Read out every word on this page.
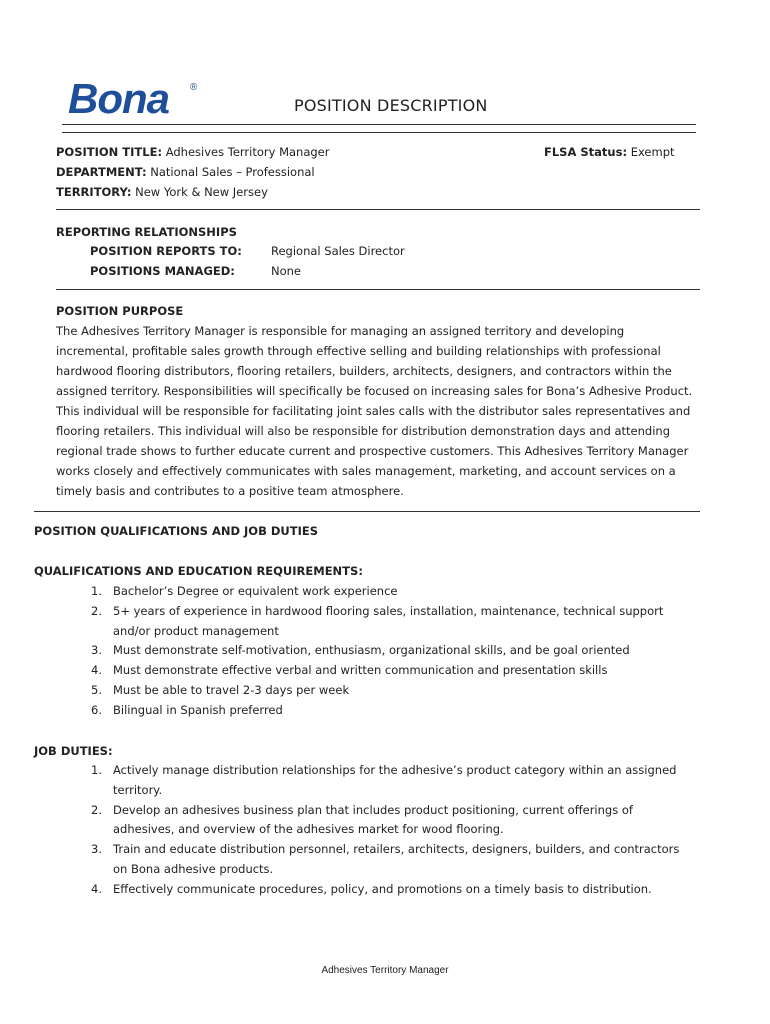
Bona ®
POSITION DESCRIPTION
POSITION TITLE: Adhesives Territory Manager	FLSA Status: Exempt
DEPARTMENT: National Sales – Professional
TERRITORY: New York & New Jersey
REPORTING RELATIONSHIPS
POSITION REPORTS TO:	Regional Sales Director
POSITIONS MANAGED:	None
POSITION PURPOSE
The Adhesives Territory Manager is responsible for managing an assigned territory and developing incremental, profitable sales growth through effective selling and building relationships with professional hardwood flooring distributors, flooring retailers, builders, architects, designers, and contractors within the assigned territory. Responsibilities will specifically be focused on increasing sales for Bona’s Adhesive Product. This individual will be responsible for facilitating joint sales calls with the distributor sales representatives and flooring retailers. This individual will also be responsible for distribution demonstration days and attending regional trade shows to further educate current and prospective customers. This Adhesives Territory Manager works closely and effectively communicates with sales management, marketing, and account services on a timely basis and contributes to a positive team atmosphere.
POSITION QUALIFICATIONS AND JOB DUTIES
QUALIFICATIONS AND EDUCATION REQUIREMENTS:
1. Bachelor’s Degree or equivalent work experience
2. 5+ years of experience in hardwood flooring sales, installation, maintenance, technical support and/or product management
3. Must demonstrate self-motivation, enthusiasm, organizational skills, and be goal oriented
4. Must demonstrate effective verbal and written communication and presentation skills
5. Must be able to travel 2-3 days per week
6. Bilingual in Spanish preferred
JOB DUTIES:
1. Actively manage distribution relationships for the adhesive’s product category within an assigned territory.
2. Develop an adhesives business plan that includes product positioning, current offerings of adhesives, and overview of the adhesives market for wood flooring.
3. Train and educate distribution personnel, retailers, architects, designers, builders, and contractors on Bona adhesive products.
4. Effectively communicate procedures, policy, and promotions on a timely basis to distribution.
Adhesives Territory Manager
